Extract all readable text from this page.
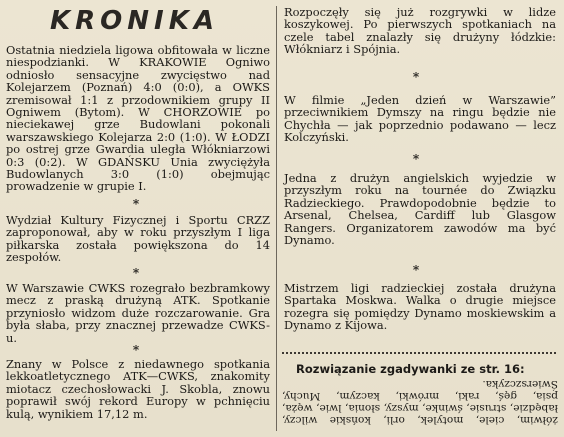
KRONIKA
Ostatnia niedziela ligowa obfitowała w liczne niespodzianki. W KRAKOWIE Ogniwo odniosło sensacyjne zwycięstwo nad Kolejarzem (Poznań) 4:0 (0:0), a OWKS zremisował 1:1 z przodownikiem grupy II Ogniwem (Bytom). W CHORZOWIE po nieciekawej grze Budowlani pokonali warszawskiego Kolejarza 2:0 (1:0). W ŁODZI po ostrej grze Gwardia uległa Włókniarzowi 0:3 (0:2). W GDAŃSKU Unia zwyciężyła Budowlanych 3:0 (1:0) obejmując prowadzenie w grupie I.
*
Wydział Kultury Fizycznej i Sportu CRZZ zaproponował, aby w roku przyszłym I liga piłkarska została powiększona do 14 zespołów.
*
W Warszawie CWKS rozegrało bezbramkowy mecz z praską drużyną ATK. Spotkanie przyniosło widzom duże rozczarowanie. Gra była słaba, przy znacznej przewadze CWKS-u.
*
Znany w Polsce z niedawnego spotkania lekkoatletycznego ATK—CWKS, znakomity miotacz czechosłowacki J. Skobla, znowu poprawił swój rekord Europy w pchnięciu kulą, wynikiem 17,12 m.
Rozpoczęły się już rozgrywki w lidze koszykowej. Po pierwszych spotkaniach na czele tabel znalazły się drużyny łódzkie: Włókniarz i Spójnia.
*
W filmie „Jeden dzień w Warszawie” przeciwnikiem Dymszy na ringu będzie nie Chychła — jak poprzednio podawano — lecz Kolczyński.
*
Jedna z drużyn angielskich wyjedzie w przyszłym roku na tournée do Związku Radzieckiego. Prawdopodobnie będzie to Arsenal, Chelsea, Cardiff lub Glasgow Rangers. Organizatorem zawodów ma być Dynamo.
*
Mistrzem ligi radzieckiej została drużyna Spartaka Moskwa. Walka o drugie miejsce rozegra się pomiędzy Dynamo moskiewskim a Dynamo z Kijowa.
Rozwiązanie zgadywanki ze str. 16:
żółwim, ciele, motylek, orli, końskie wilczy, łabędzie, strusie, świnke, myszy, słonia, lwie, węża, psia, gęś, raki, mrówki, kaczym, Muchy, Świerszczyka.
